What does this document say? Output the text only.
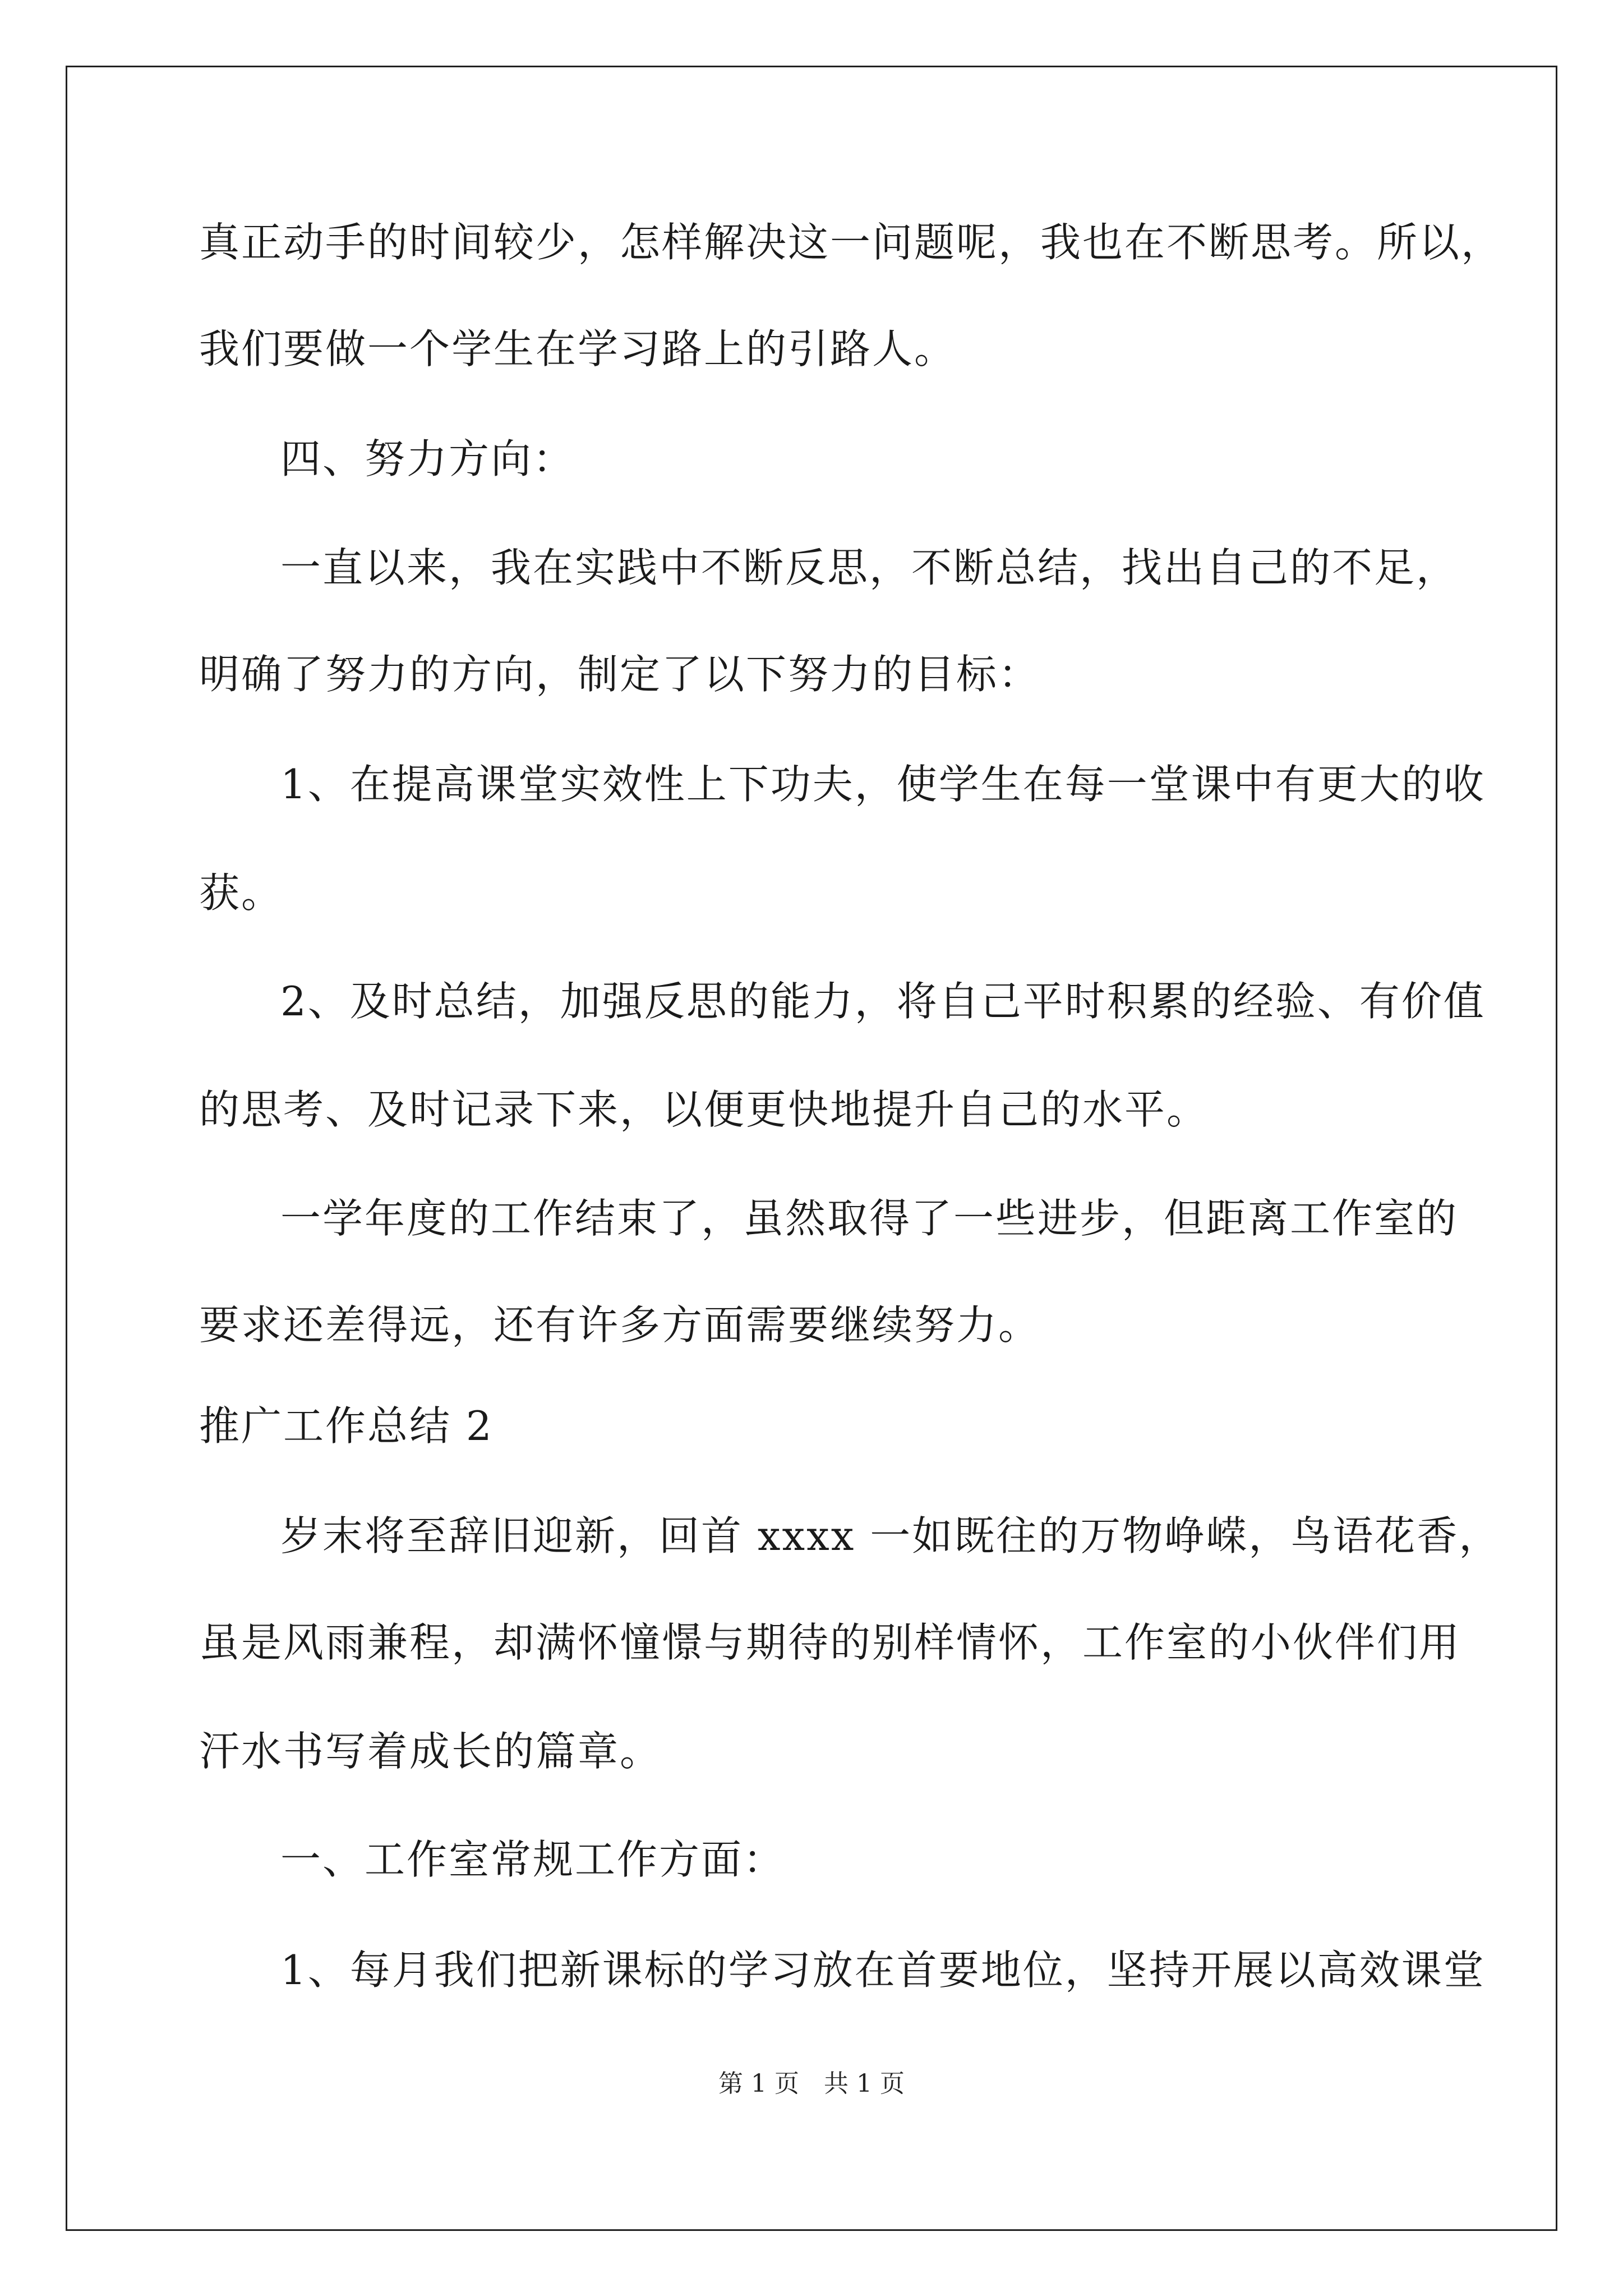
真正动手的时间较少，怎样解决这一问题呢，我也在不断思考。所以，
我们要做一个学生在学习路上的引路人。
四、努力方向：
一直以来，我在实践中不断反思，不断总结，找出自己的不足，
明确了努力的方向，制定了以下努力的目标：
1、在提高课堂实效性上下功夫，使学生在每一堂课中有更大的收
获。
2、及时总结，加强反思的能力，将自己平时积累的经验、有价值
的思考、及时记录下来，以便更快地提升自己的水平。
一学年度的工作结束了，虽然取得了一些进步，但距离工作室的
要求还差得远，还有许多方面需要继续努力。
推广工作总结 2
岁末将至辞旧迎新，回首 xxxx 一如既往的万物峥嵘，鸟语花香，
虽是风雨兼程，却满怀憧憬与期待的别样情怀，工作室的小伙伴们用
汗水书写着成长的篇章。
一、工作室常规工作方面：
1、每月我们把新课标的学习放在首要地位，坚持开展以高效课堂
第 1 页　共 1 页
